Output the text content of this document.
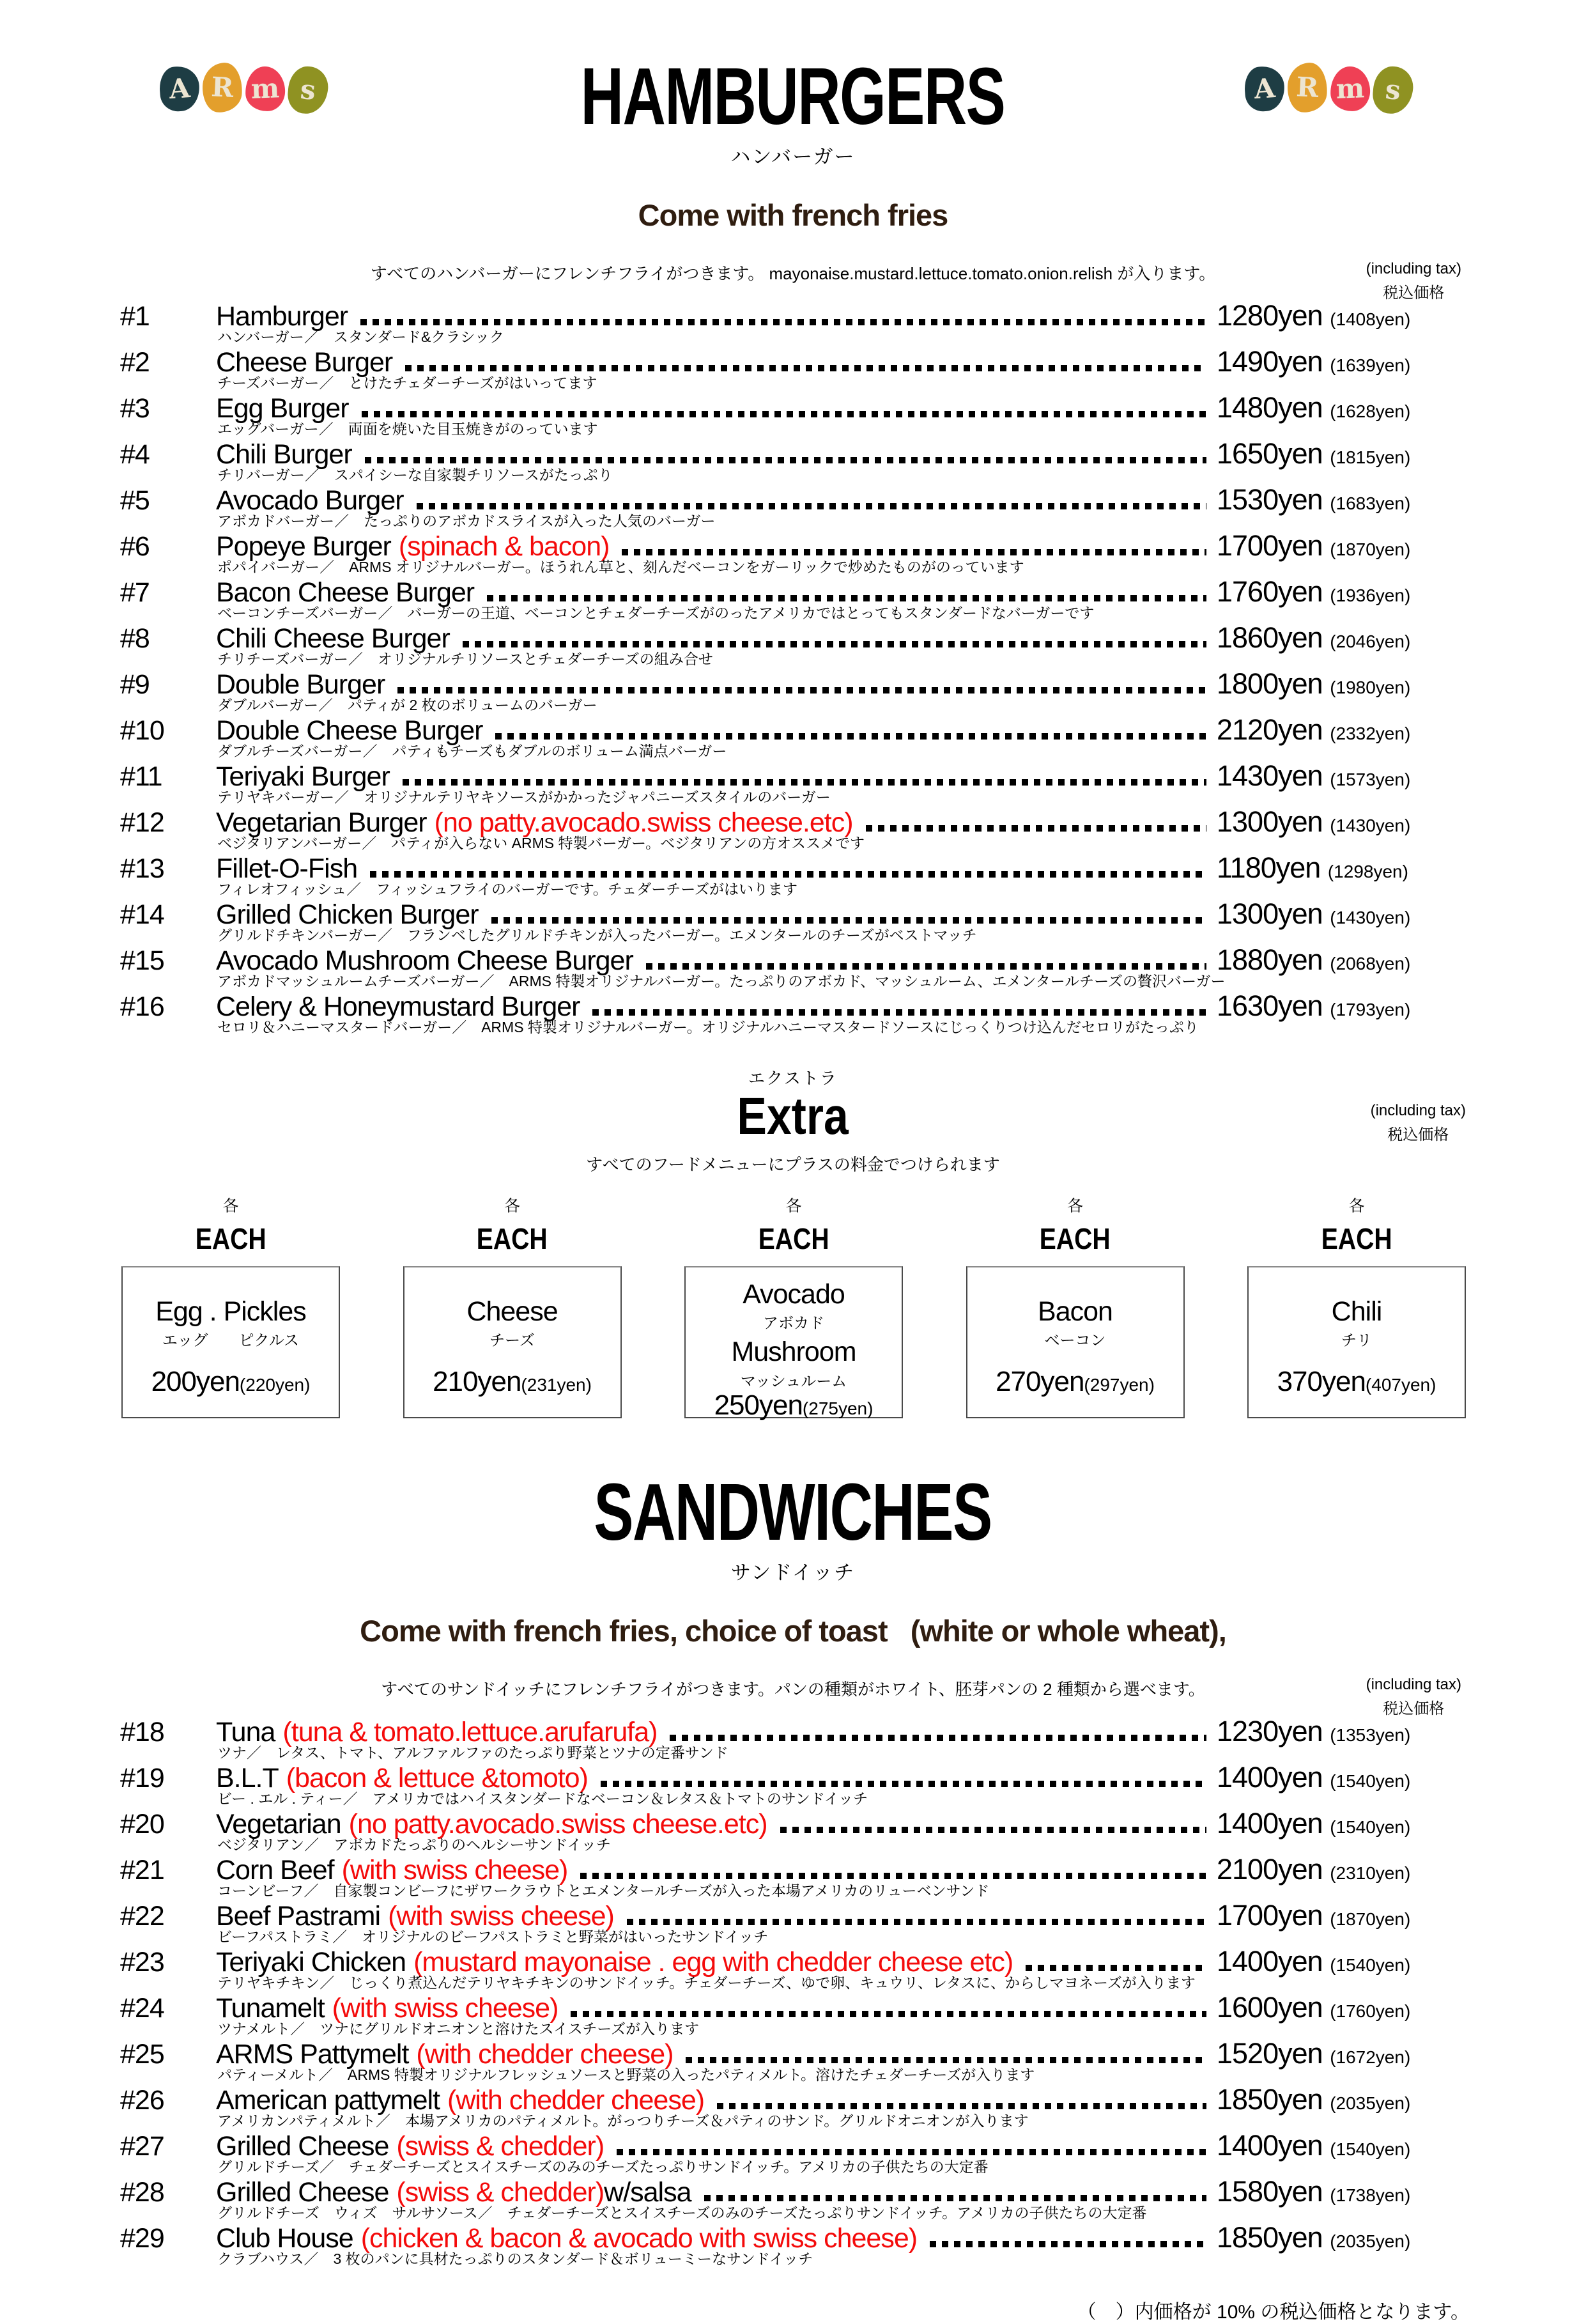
A R m s	A R m s
HAMBURGERS
ハンバーガー
Come with french fries
すべてのハンバーガーにフレンチフライがつきます。 mayonaise.mustard.lettuce.tomato.onion.relish が入ります。	(including tax)
税込価格
#1	Hamburger	1280yen (1408yen)
ハンバーガー／　スタンダード&クラシック
#2	Cheese Burger	1490yen (1639yen)
チーズバーガー／　とけたチェダーチーズがはいってます
#3	Egg Burger	1480yen (1628yen)
エッグバーガー／　両面を焼いた目玉焼きがのっています
#4	Chili Burger	1650yen (1815yen)
チリバーガー／　スパイシーな自家製チリソースがたっぷり
#5	Avocado Burger	1530yen (1683yen)
アボカドバーガー／　たっぷりのアボカドスライスが入った人気のバーガー
#6	Popeye Burger (spinach & bacon)	1700yen (1870yen)
ポパイバーガー／　ARMS オリジナルバーガー。ほうれん草と、刻んだベーコンをガーリックで炒めたものがのっています
#7	Bacon Cheese Burger	1760yen (1936yen)
ベーコンチーズバーガー／　バーガーの王道、ベーコンとチェダーチーズがのったアメリカではとってもスタンダードなバーガーです
#8	Chili Cheese Burger	1860yen (2046yen)
チリチーズバーガー／　オリジナルチリソースとチェダーチーズの組み合せ
#9	Double Burger	1800yen (1980yen)
ダブルバーガー／　パティが 2 枚のボリュームのバーガー
#10	Double Cheese Burger	2120yen (2332yen)
ダブルチーズバーガー／　パティもチーズもダブルのボリューム満点バーガー
#11	Teriyaki Burger	1430yen (1573yen)
テリヤキバーガー／　オリジナルテリヤキソースがかかったジャパニーズスタイルのバーガー
#12	Vegetarian Burger (no patty.avocado.swiss cheese.etc)	1300yen (1430yen)
ベジタリアンバーガー／　パティが入らない ARMS 特製バーガー。ベジタリアンの方オススメです
#13	Fillet-O-Fish	1180yen (1298yen)
フィレオフィッシュ／　フィッシュフライのバーガーです。チェダーチーズがはいります
#14	Grilled Chicken Burger	1300yen (1430yen)
グリルドチキンバーガー／　フランベしたグリルドチキンが入ったバーガー。エメンタールのチーズがベストマッチ
#15	Avocado Mushroom Cheese Burger	1880yen (2068yen)
アボカドマッシュルームチーズバーガー／　ARMS 特製オリジナルバーガー。たっぷりのアボカド、マッシュルーム、エメンタールチーズの贅沢バーガー
#16	Celery & Honeymustard Burger	1630yen (1793yen)
セロリ＆ハニーマスタードバーガー／　ARMS 特製オリジナルバーガー。オリジナルハニーマスタードソースにじっくりつけ込んだセロリがたっぷり
エクストラ
Extra
すべてのフードメニューにプラスの料金でつけられます
(including tax)
税込価格
各
EACH
Egg . Pickles
エッグ　　ピクルス
200yen(220yen)
各
EACH
Cheese
チーズ
210yen(231yen)
各
EACH
Avocado
アボカド
Mushroom
マッシュルーム
250yen(275yen)
各
EACH
Bacon
ベーコン
270yen(297yen)
各
EACH
Chili
チリ
370yen(407yen)
SANDWICHES
サンドイッチ
Come with french fries, choice of toast   (white or whole wheat),
すべてのサンドイッチにフレンチフライがつきます。パンの種類がホワイト、胚芽パンの 2 種類から選べます。	(including tax)
税込価格
#18	Tuna (tuna & tomato.lettuce.arufarufa)	1230yen (1353yen)
ツナ／　レタス、トマト、アルファルファのたっぷり野菜とツナの定番サンド
#19	B.L.T (bacon & lettuce &tomoto)	1400yen (1540yen)
ビー . エル . ティー／　アメリカではハイスタンダードなベーコン＆レタス＆トマトのサンドイッチ
#20	Vegetarian (no patty.avocado.swiss cheese.etc)	1400yen (1540yen)
ベジタリアン／　アボカドたっぷりのヘルシーサンドイッチ
#21	Corn Beef (with swiss cheese)	2100yen (2310yen)
コーンビーフ／　自家製コンビーフにザワークラウトとエメンタールチーズが入った本場アメリカのリューベンサンド
#22	Beef Pastrami (with swiss cheese)	1700yen (1870yen)
ビーフパストラミ／　オリジナルのビーフパストラミと野菜がはいったサンドイッチ
#23	Teriyaki Chicken (mustard mayonaise . egg with chedder cheese etc)	1400yen (1540yen)
テリヤキチキン／　じっくり煮込んだテリヤキチキンのサンドイッチ。チェダーチーズ、ゆで卵、キュウリ、レタスに、からしマヨネーズが入ります
#24	Tunamelt (with swiss cheese)	1600yen (1760yen)
ツナメルト／　ツナにグリルドオニオンと溶けたスイスチーズが入ります
#25	ARMS Pattymelt (with chedder cheese)	1520yen (1672yen)
パティーメルト／　ARMS 特製オリジナルフレッシュソースと野菜の入ったパティメルト。溶けたチェダーチーズが入ります
#26	American pattymelt (with chedder cheese)	1850yen (2035yen)
アメリカンパティメルト／　本場アメリカのパティメルト。がっつりチーズ＆パティのサンド。グリルドオニオンが入ります
#27	Grilled Cheese (swiss & chedder)	1400yen (1540yen)
グリルドチーズ／　チェダーチーズとスイスチーズのみのチーズたっぷりサンドイッチ。アメリカの子供たちの大定番
#28	Grilled Cheese (swiss & chedder)w/salsa	1580yen (1738yen)
グリルドチーズ　ウィズ　サルサソース／　チェダーチーズとスイスチーズのみのチーズたっぷりサンドイッチ。アメリカの子供たちの大定番
#29	Club House (chicken & bacon & avocado with swiss cheese)	1850yen (2035yen)
クラブハウス／　3 枚のパンに具材たっぷりのスタンダード＆ボリューミーなサンドイッチ
（　）内価格が 10% の税込価格となります。
